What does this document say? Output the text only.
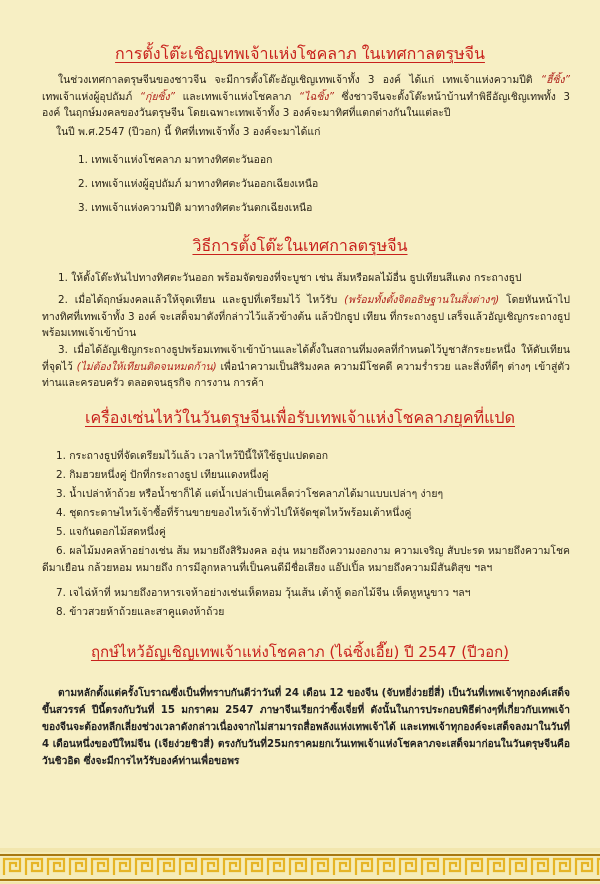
การตั้งโต๊ะเชิญเทพเจ้าแห่งโชคลาภ ในเทศกาลตรุษจีน
ในช่วงเทศกาลตรุษจีนของชาวจีน จะมีการตั้งโต๊ะอัญเชิญเทพเจ้าทั้ง 3 องค์ ได้แก่ เทพเจ้าแห่งความปีติ “ฮี้ซิ้ง” เทพเจ้าแห่งผู้อุปถัมภ์ “กุ่ยซิ้ง” และเทพเจ้าแห่งโชคลาภ “ไฉซิ้ง” ซึ่งชาวจีนจะตั้งโต๊ะหน้าบ้านทำพิธีอัญเชิญเทพทั้ง 3 องค์ ในฤกษ์มงคลของวันตรุษจีน โดยเฉพาะเทพเจ้าทั้ง 3 องค์จะมาทิศที่แตกต่างกันในแต่ละปี
ในปี พ.ศ.2547 (ปีวอก) นี้ ทิศที่เทพเจ้าทั้ง 3 องค์จะมาได้แก่
1. เทพเจ้าแห่งโชคลาภ มาทางทิศตะวันออก
2. เทพเจ้าแห่งผู้อุปถัมภ์ มาทางทิศตะวันออกเฉียงเหนือ
3. เทพเจ้าแห่งความปีติ มาทางทิศตะวันตกเฉียงเหนือ
วิธีการตั้งโต๊ะในเทศกาลตรุษจีน
1. ให้ตั้งโต๊ะหันไปทางทิศตะวันออก พร้อมจัดของที่จะบูชา เช่น ส้มหรือผลไม้อื่น ธูปเทียนสีแดง กระถางธูป
2. เมื่อได้ฤกษ์มงคลแล้วให้จุดเทียน และธูปที่เตรียมไว้ ไหว้รับ (พร้อมทั้งตั้งจิตอธิษฐานในสิ่งต่างๆ) โดยหันหน้าไปทางทิศที่เทพเจ้าทั้ง 3 องค์ จะเสด็จมาดังที่กล่าวไว้แล้วข้างต้น แล้วปักธูป เทียน ที่กระถางธูป เสร็จแล้วอัญเชิญกระถางธูปพร้อมเทพเจ้าเข้าบ้าน
3. เมื่อได้อัญเชิญกระถางธูปพร้อมเทพเจ้าเข้าบ้านและได้ตั้งในสถานที่มงคลที่กำหนดไว้บูชาสักระยะหนึ่ง ให้ดับเทียนที่จุดไว้ (ไม่ต้องให้เทียนติดจนหมดก้าน) เพื่อนำความเป็นสิริมงคล ความมีโชคดี ความร่ำรวย และสิ่งที่ดีๆ ต่างๆ เข้าสู่ตัวท่านและครอบครัว ตลอดจนธุรกิจ การงาน การค้า
เครื่องเซ่นไหว้ในวันตรุษจีนเพื่อรับเทพเจ้าแห่งโชคลาภยุคที่แปด
1. กระถางธูปที่จัดเตรียมไว้แล้ว เวลาไหว้ปีนี้ให้ใช้ธูปแปดดอก
2. กิมฮวยหนึ่งคู่ ปักที่กระถางธูป เทียนแดงหนึ่งคู่
3. น้ำเปล่าห้าถ้วย หรือน้ำชาก็ได้ แต่น้ำเปล่าเป็นเคล็ดว่าโชคลาภได้มาแบบเปล่าๆ ง่ายๆ
4. ชุดกระดาษไหว้เจ้าซื้อที่ร้านขายของไหว้เจ้าทั่วไปให้จัดชุดไหว้พร้อมเต้าหนึ่งคู่
5. แจกันดอกไม้สดหนึ่งคู่
6. ผลไม้มงคลห้าอย่างเช่น ส้ม หมายถึงสิริมงคล องุ่น หมายถึงความงอกงาม ความเจริญ สับปะรด หมายถึงความโชคดีมาเยือน กล้วยหอม หมายถึง การมีลูกหลานที่เป็นคนดีมีชื่อเสียง แอ๊ปเปิ้ล หมายถึงความมีสันติสุข ฯลฯ
7. เจไฉ่ห้าที่ หมายถึงอาหารเจห้าอย่างเช่นเห็ดหอม วุ้นเส้น เต้าหู้ ดอกไม้จีน เห็ดหูหนูขาว ฯลฯ
8. ข้าวสวยห้าถ้วยและสาคูแดงห้าถ้วย
ฤกษ์ไหว้อัญเชิญเทพเจ้าแห่งโชคลาภ (ไฉ่ซิ้งเอี๊ย) ปี 2547 (ปีวอก)
ตามหลักตั้งแต่ครั้งโบราณซึ่งเป็นที่ทราบกันดีว่าวันที่ 24 เดือน 12 ของจีน (จับหยี่ง่วยยี่สี่) เป็นวันที่เทพเจ้าทุกองค์เสด็จขึ้นสวรรค์ ปีนี้ตรงกับวันที่ 15 มกราคม 2547 ภาษาจีนเรียกว่าซิ้งเจี่ยที่ ดังนั้นในการประกอบพิธีต่างๆที่เกี่ยวกับเทพเจ้าของจีนจะต้องหลีกเลี่ยงช่วงเวลาดังกล่าวเนื่องจากไม่สามารถสื่อพลังแห่งเทพเจ้าได้ และเทพเจ้าทุกองค์จะเสด็จลงมาในวันที่ 4 เดือนหนึ่งของปีใหม่จีน (เจียง่วยชิวสี่) ตรงกับวันที่25มกราคมยกเว้นเทพเจ้าแห่งโชคลาภจะเสด็จมาก่อนในวันตรุษจีนคือวันชิวอิด ซึ่งจะมีการไหว้รับองค์ท่านเพื่อขอพร
